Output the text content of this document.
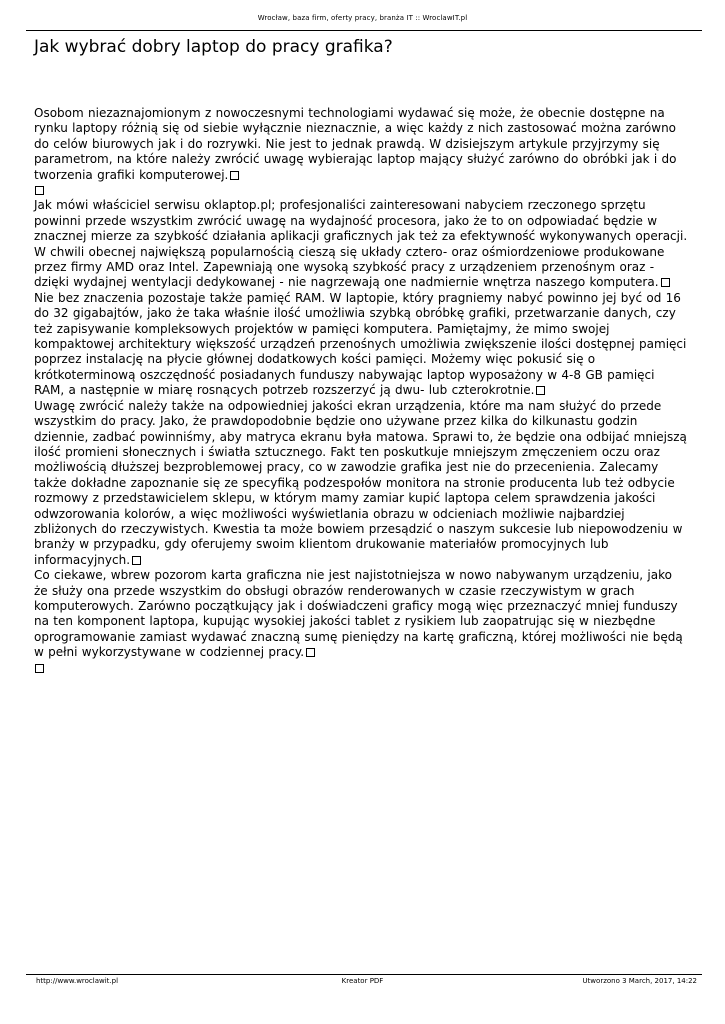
Wrocław, baza firm, oferty pracy, branża IT :: WroclawIT.pl
Jak wybrać dobry laptop do pracy grafika?

Osobom niezaznajomionym z nowoczesnymi technologiami wydawać się może, że obecnie dostępne na rynku laptopy różnią się od siebie wyłącznie nieznacznie, a więc każdy z nich zastosować można zarówno do celów biurowych jak i do rozrywki. Nie jest to jednak prawdą. W dzisiejszym artykule przyjrzymy się parametrom, na które należy zwrócić uwagę wybierając laptop mający służyć zarówno do obróbki jak i do tworzenia grafiki komputerowej.

Jak mówi właściciel serwisu oklaptop.pl; profesjonaliści zainteresowani nabyciem rzeczonego sprzętu powinni przede wszystkim zwrócić uwagę na wydajność procesora, jako że to on odpowiadać będzie w znacznej mierze za szybkość działania aplikacji graficznych jak też za efektywność wykonywanych operacji. W chwili obecnej największą popularnością cieszą się układy cztero- oraz ośmiordzeniowe produkowane przez firmy AMD oraz Intel. Zapewniają one wysoką szybkość pracy z urządzeniem przenośnym oraz - dzięki wydajnej wentylacji dedykowanej - nie nagrzewają one nadmiernie wnętrza naszego komputera.

Nie bez znaczenia pozostaje także pamięć RAM. W laptopie, który pragniemy nabyć powinno jej być od 16 do 32 gigabajtów, jako że taka właśnie ilość umożliwia szybką obróbkę grafiki, przetwarzanie danych, czy też zapisywanie kompleksowych projektów w pamięci komputera. Pamiętajmy, że mimo swojej kompaktowej architektury większość urządzeń przenośnych umożliwia zwiększenie ilości dostępnej pamięci poprzez instalację na płycie głównej dodatkowych kości pamięci. Możemy więc pokusić się o krótkoterminową oszczędność posiadanych funduszy nabywając laptop wyposażony w 4-8 GB pamięci RAM, a następnie w miarę rosnących potrzeb rozszerzyć ją dwu- lub czterokrotnie.

Uwagę zwrócić należy także na odpowiedniej jakości ekran urządzenia, które ma nam służyć do przede wszystkim do pracy. Jako, że prawdopodobnie będzie ono używane przez kilka do kilkunastu godzin dziennie, zadbać powinniśmy, aby matryca ekranu była matowa. Sprawi to, że będzie ona odbijać mniejszą ilość promieni słonecznych i światła sztucznego. Fakt ten poskutkuje mniejszym zmęczeniem oczu oraz możliwością dłuższej bezproblemowej pracy, co w zawodzie grafika jest nie do przecenienia. Zalecamy także dokładne zapoznanie się ze specyfiką podzespołów monitora na stronie producenta lub też odbycie rozmowy z przedstawicielem sklepu, w którym mamy zamiar kupić laptopa celem sprawdzenia jakości odwzorowania kolorów, a więc możliwości wyświetlania obrazu w odcieniach możliwie najbardziej zbliżonych do rzeczywistych. Kwestia ta może bowiem przesądzić o naszym sukcesie lub niepowodzeniu w branży w przypadku, gdy oferujemy swoim klientom drukowanie materiałów promocyjnych lub informacyjnych.

Co ciekawe, wbrew pozorom karta graficzna nie jest najistotniejsza w nowo nabywanym urządzeniu, jako że służy ona przede wszystkim do obsługi obrazów renderowanych w czasie rzeczywistym w grach komputerowych. Zarówno początkujący jak i doświadczeni graficy mogą więc przeznaczyć mniej funduszy na ten komponent laptopa, kupując wysokiej jakości tablet z rysikiem lub zaopatrując się w niezbędne oprogramowanie zamiast wydawać znaczną sumę pieniędzy na kartę graficzną, której możliwości nie będą w pełni wykorzystywane w codziennej pracy.

http://www.wroclawit.pl	Kreator PDF	Utworzono 3 March, 2017, 14:22
